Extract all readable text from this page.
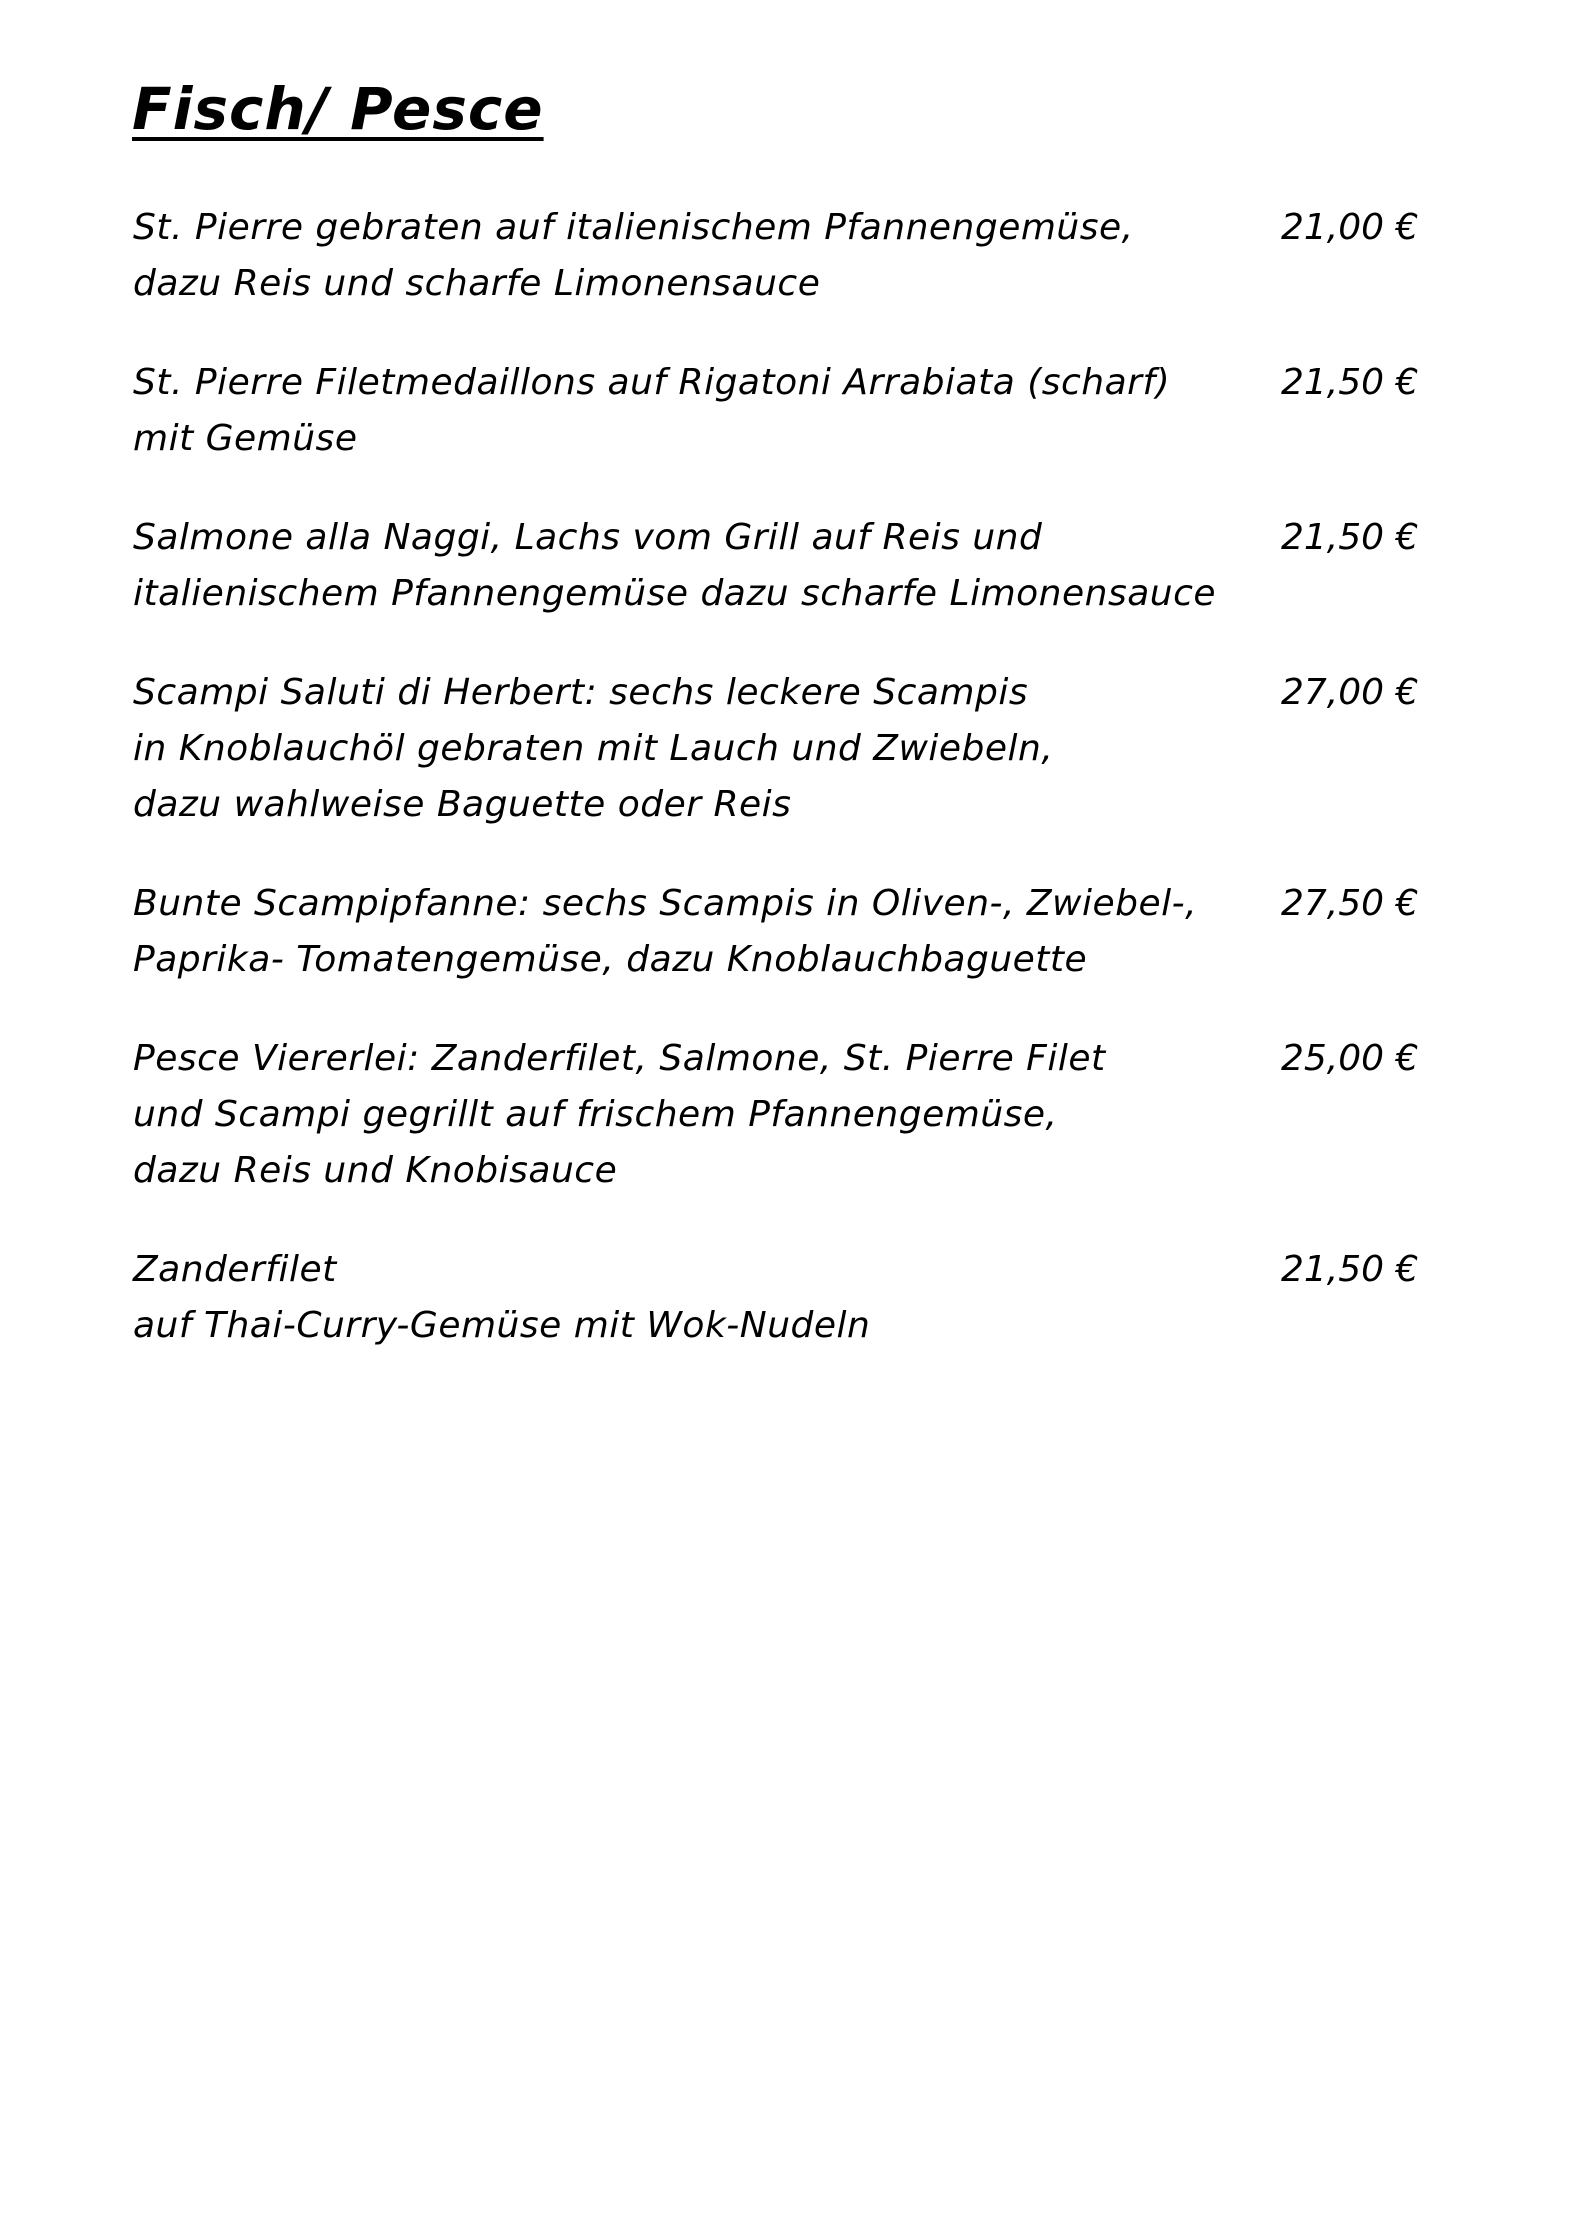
Fisch/ Pesce
St. Pierre gebraten auf italienischem Pfannengemüse,
dazu Reis und scharfe Limonensauce
21,00 €
St. Pierre Filetmedaillons auf Rigatoni Arrabiata (scharf)
mit Gemüse
21,50 €
Salmone alla Naggi, Lachs vom Grill auf Reis und
italienischem Pfannengemüse dazu scharfe Limonensauce
21,50 €
Scampi Saluti di Herbert: sechs leckere Scampis
in Knoblauchöl gebraten mit Lauch und Zwiebeln,
dazu wahlweise Baguette oder Reis
27,00 €
Bunte Scampipfanne: sechs Scampis in Oliven-, Zwiebel-,
Paprika- Tomatengemüse, dazu Knoblauchbaguette
27,50 €
Pesce Viererlei: Zanderfilet, Salmone, St. Pierre Filet
und Scampi gegrillt auf frischem Pfannengemüse,
dazu Reis und Knobisauce
25,00 €
Zanderfilet
auf Thai-Curry-Gemüse mit Wok-Nudeln
21,50 €
